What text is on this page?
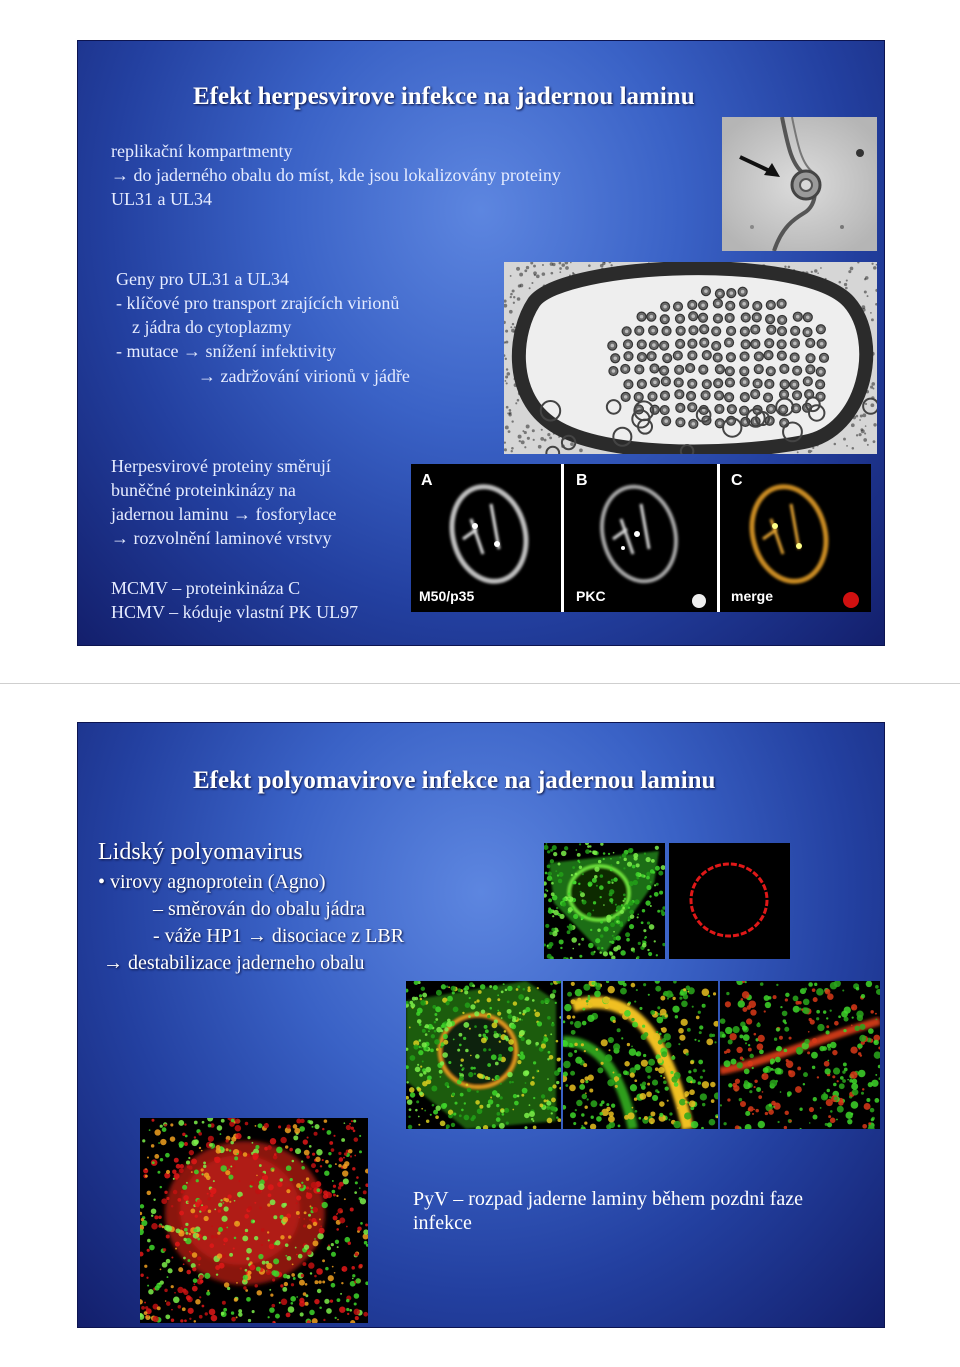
Efekt herpesvirove infekce na jadernou laminu
replikační kompartmenty
→ do jaderného obalu do míst, kde jsou lokalizovány proteiny
UL31 a UL34
Geny pro UL31 a UL34
- klíčové pro transport zrajících virionů
z jádra do cytoplazmy
- mutace → snížení infektivity
→ zadržování virionů v jádře
Herpesvirové proteiny směrují
buněčné proteinkinázy na
jadernou laminu → fosforylace
→ rozvolnění laminové vrstvy
MCMV – proteinkináza C
HCMV – kóduje vlastní PK UL97
A	B	C
M50/p35	PKC	merge
Efekt polyomavirove infekce na jadernou laminu
Lidský polyomavirus
• virovy agnoprotein (Agno)
– směrován do obalu jádra
- váže HP1 → disociace z LBR
→ destabilizace jaderneho obalu
PyV – rozpad jaderne laminy během pozdni faze
infekce
